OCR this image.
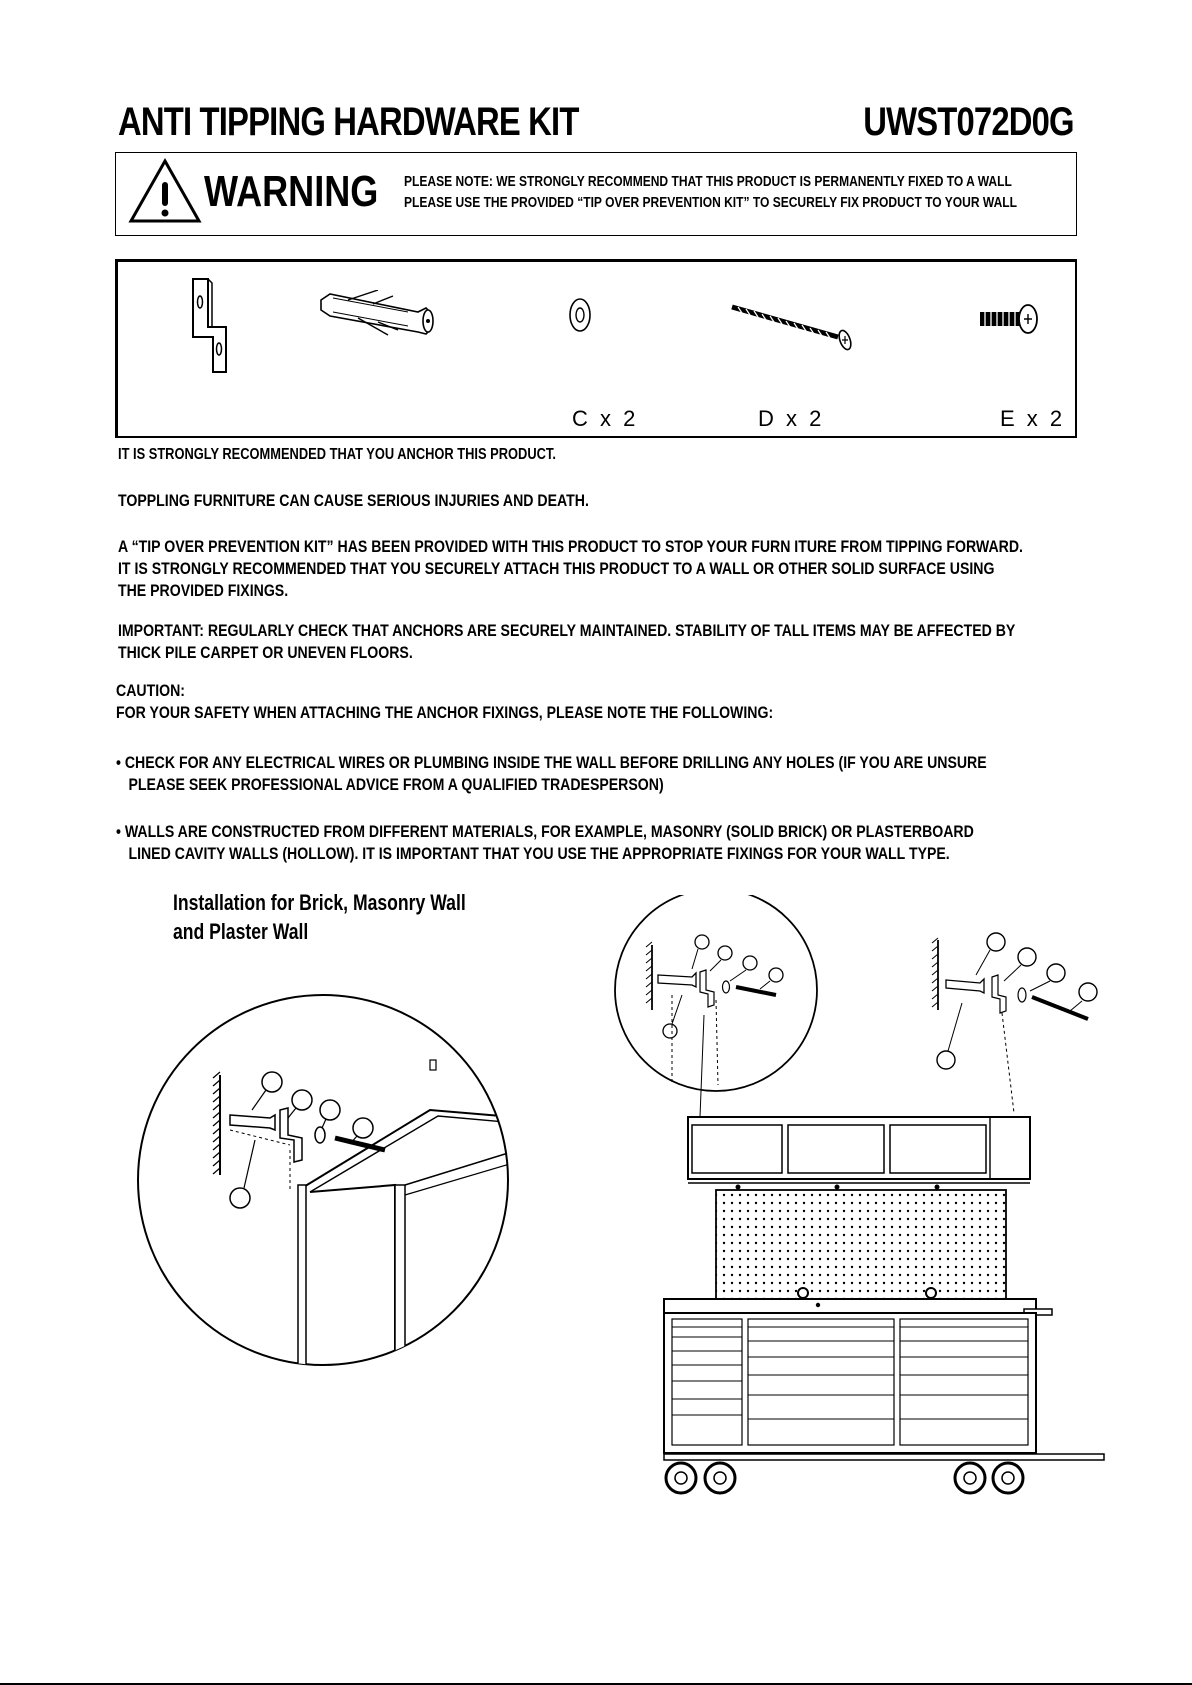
ANTI TIPPING HARDWARE KIT	UWST072D0G
WARNING PLEASE NOTE: WE STRONGLY RECOMMEND THAT THIS PRODUCT IS PERMANENTLY FIXED TO A WALL
PLEASE USE THE PROVIDED “TIP OVER PREVENTION KIT” TO SECURELY FIX PRODUCT TO YOUR WALL
C x 2	D x 2	E x 2
IT IS STRONGLY RECOMMENDED THAT YOU ANCHOR THIS PRODUCT.
TOPPLING FURNITURE CAN CAUSE SERIOUS INJURIES AND DEATH.
A “TIP OVER PREVENTION KIT” HAS BEEN PROVIDED WITH THIS PRODUCT TO STOP YOUR FURN ITURE FROM TIPPING FORWARD.
IT IS STRONGLY RECOMMENDED THAT YOU SECURELY ATTACH THIS PRODUCT TO A WALL OR OTHER SOLID SURFACE USING
THE PROVIDED FIXINGS.
IMPORTANT: REGULARLY CHECK THAT ANCHORS ARE SECURELY MAINTAINED. STABILITY OF TALL ITEMS MAY BE AFFECTED BY
THICK PILE CARPET OR UNEVEN FLOORS.
CAUTION:
FOR YOUR SAFETY WHEN ATTACHING THE ANCHOR FIXINGS, PLEASE NOTE THE FOLLOWING:
• CHECK FOR ANY ELECTRICAL WIRES OR PLUMBING INSIDE THE WALL BEFORE DRILLING ANY HOLES (IF YOU ARE UNSURE
PLEASE SEEK PROFESSIONAL ADVICE FROM A QUALIFIED TRADESPERSON)
• WALLS ARE CONSTRUCTED FROM DIFFERENT MATERIALS, FOR EXAMPLE, MASONRY (SOLID BRICK) OR PLASTERBOARD
LINED CAVITY WALLS (HOLLOW). IT IS IMPORTANT THAT YOU USE THE APPROPRIATE FIXINGS FOR YOUR WALL TYPE.
Installation for Brick, Masonry Wall
and Plaster Wall
